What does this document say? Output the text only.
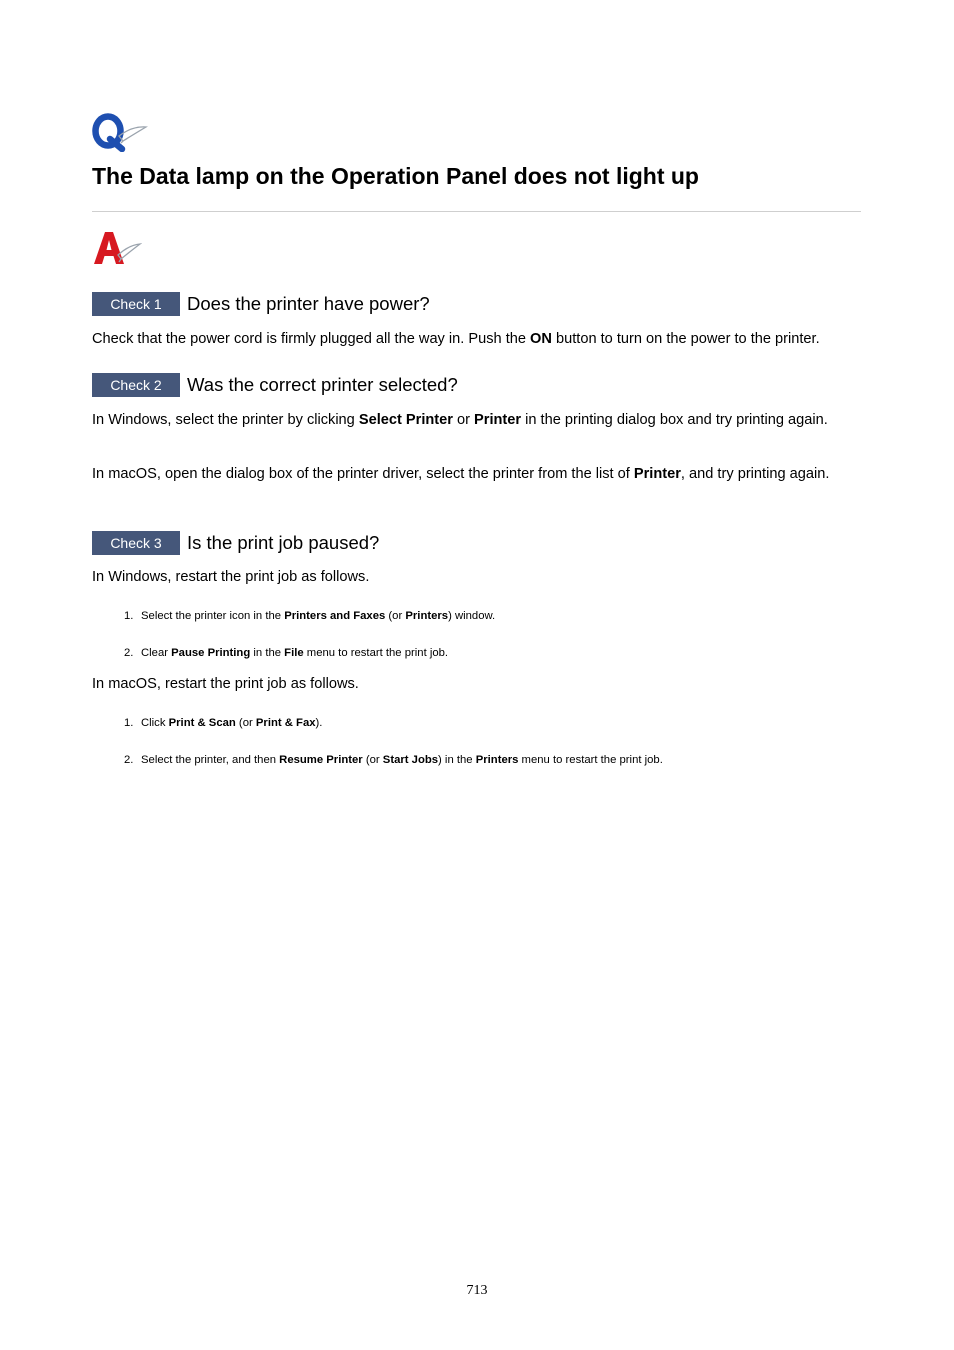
The Data lamp on the Operation Panel does not light up
Check 1	Does the printer have power?
Check that the power cord is firmly plugged all the way in. Push the ON button to turn on the power to the printer.
Check 2	Was the correct printer selected?
In Windows, select the printer by clicking Select Printer or Printer in the printing dialog box and try printing again.
In macOS, open the dialog box of the printer driver, select the printer from the list of Printer, and try printing again.
Check 3	Is the print job paused?
In Windows, restart the print job as follows.
1. Select the printer icon in the Printers and Faxes (or Printers) window.
2. Clear Pause Printing in the File menu to restart the print job.
In macOS, restart the print job as follows.
1. Click Print & Scan (or Print & Fax).
2. Select the printer, and then Resume Printer (or Start Jobs) in the Printers menu to restart the print job.
713
